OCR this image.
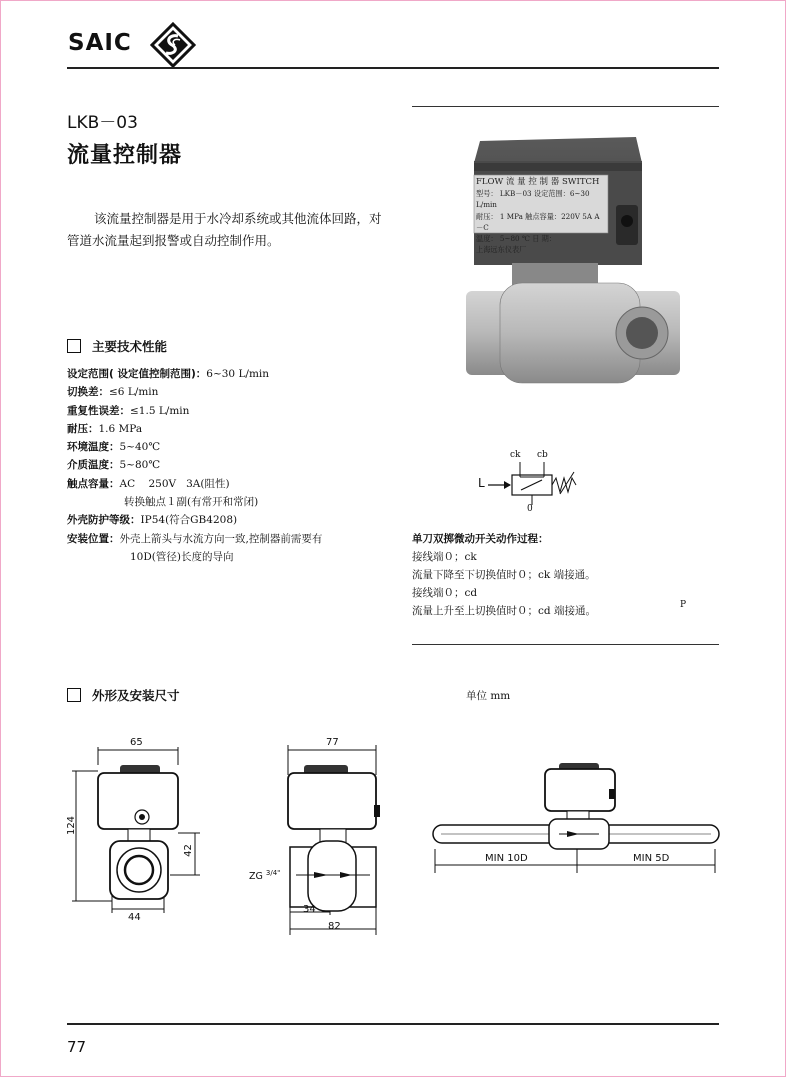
SAIC
LKB－03
流量控制器
该流量控制器是用于水冷却系统或其他流体回路，对管道水流量起到报警或自动控制作用。
FLOW 流 量 控 制 器 SWITCH
型号： LKB－03 设定范围：6~30 L/min
耐压： 1 MPa 触点容量：220V 5A A－C
温度： 5~80 ℃ 日 期：
上海远东仪表厂
主要技术性能
设定范围( 设定值控制范围)：6~30 L/min
切换差：≤6 L/min
重复性误差：≤1.5 L/min
耐压：1.6 MPa
环境温度：5~40℃
介质温度：5~80℃
触点容量：AC    250V   3A(阻性)
转换触点１副(有常开和常闭)
外壳防护等级：IP54(符合GB4208)
安装位置：外壳上箭头与水流方向一致,控制器前需要有
10D(管径)长度的导向
ck cb
L
0
单刀双掷微动开关动作过程：
接线端０；ck
流量下降至下切换值时０；ck 端接通。
接线端０；cd
流量上升至上切换值时０；cd 端接通。	P
外形及安装尺寸	单位 mm
65
124
42
44
77
ZG $^{3/4"}$
34
82
MIN 10D	MIN 5D
77
